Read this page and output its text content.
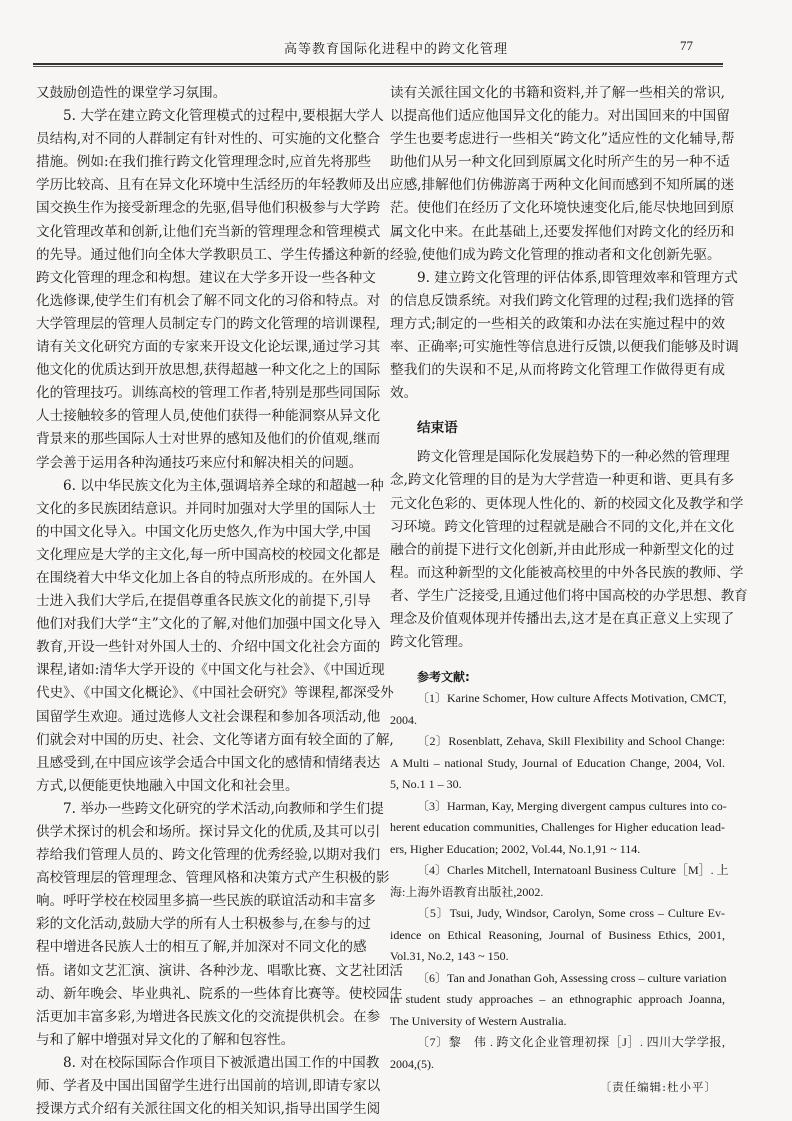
高等教育国际化进程中的跨文化管理	77
又鼓励创造性的课堂学习氛围。
5. 大学在建立跨文化管理模式的过程中,要根据大学人
员结构,对不同的人群制定有针对性的、可实施的文化整合
措施。例如:在我们推行跨文化管理理念时,应首先将那些
学历比较高、且有在异文化环境中生活经历的年轻教师及出
国交换生作为接受新理念的先驱,倡导他们积极参与大学跨
文化管理改革和创新,让他们充当新的管理理念和管理模式
的先导。通过他们向全体大学教职员工、学生传播这种新的
跨文化管理的理念和构想。建议在大学多开设一些各种文
化选修课,使学生们有机会了解不同文化的习俗和特点。对
大学管理层的管理人员制定专门的跨文化管理的培训课程,
请有关文化研究方面的专家来开设文化论坛课,通过学习其
他文化的优质达到开放思想,获得超越一种文化之上的国际
化的管理技巧。训练高校的管理工作者,特别是那些同国际
人士接触较多的管理人员,使他们获得一种能洞察从异文化
背景来的那些国际人士对世界的感知及他们的价值观,继而
学会善于运用各种沟通技巧来应付和解决相关的问题。
6. 以中华民族文化为主体,强调培养全球的和超越一种
文化的多民族团结意识。并同时加强对大学里的国际人士
的中国文化导入。中国文化历史悠久,作为中国大学,中国
文化理应是大学的主文化,每一所中国高校的校园文化都是
在围绕着大中华文化加上各自的特点所形成的。在外国人
士进入我们大学后,在提倡尊重各民族文化的前提下,引导
他们对我们大学“主”文化的了解,对他们加强中国文化导入
教育,开设一些针对外国人士的、介绍中国文化社会方面的
课程,诸如:清华大学开设的《中国文化与社会》、《中国近现
代史》、《中国文化概论》、《中国社会研究》等课程,都深受外
国留学生欢迎。通过选修人文社会课程和参加各项活动,他
们就会对中国的历史、社会、文化等诸方面有较全面的了解,
且感受到,在中国应该学会适合中国文化的感情和情绪表达
方式,以便能更快地融入中国文化和社会里。
7. 举办一些跨文化研究的学术活动,向教师和学生们提
供学术探讨的机会和场所。探讨异文化的优质,及其可以引
荐给我们管理人员的、跨文化管理的优秀经验,以期对我们
高校管理层的管理理念、管理风格和决策方式产生积极的影
响。呼吁学校在校园里多搞一些民族的联谊活动和丰富多
彩的文化活动,鼓励大学的所有人士积极参与,在参与的过
程中增进各民族人士的相互了解,并加深对不同文化的感
悟。诸如文艺汇演、演讲、各种沙龙、唱歌比赛、文艺社团活
动、新年晚会、毕业典礼、院系的一些体育比赛等。使校园生
活更加丰富多彩,为增进各民族文化的交流提供机会。在参
与和了解中增强对异文化的了解和包容性。
8. 对在校际国际合作项目下被派遣出国工作的中国教
师、学者及中国出国留学生进行出国前的培训,即请专家以
授课方式介绍有关派往国文化的相关知识,指导出国学生阅
读有关派往国文化的书籍和资料,并了解一些相关的常识,
以提高他们适应他国异文化的能力。对出国回来的中国留
学生也要考虑进行一些相关“跨文化”适应性的文化辅导,帮
助他们从另一种文化回到原属文化时所产生的另一种不适
应感,排解他们仿佛游离于两种文化间而感到不知所属的迷
茫。使他们在经历了文化环境快速变化后,能尽快地回到原
属文化中来。在此基础上,还要发挥他们对跨文化的经历和
经验,使他们成为跨文化管理的推动者和文化创新先驱。
9. 建立跨文化管理的评估体系,即管理效率和管理方式
的信息反馈系统。对我们跨文化管理的过程;我们选择的管
理方式;制定的一些相关的政策和办法在实施过程中的效
率、正确率;可实施性等信息进行反馈,以便我们能够及时调
整我们的失误和不足,从而将跨文化管理工作做得更有成
效。
结束语
跨文化管理是国际化发展趋势下的一种必然的管理理
念,跨文化管理的目的是为大学营造一种更和谐、更具有多
元文化色彩的、更体现人性化的、新的校园文化及教学和学
习环境。跨文化管理的过程就是融合不同的文化,并在文化
融合的前提下进行文化创新,并由此形成一种新型文化的过
程。而这种新型的文化能被高校里的中外各民族的教师、学
者、学生广泛接受,且通过他们将中国高校的办学思想、教育
理念及价值观体现并传播出去,这才是在真正意义上实现了
跨文化管理。
参考文献:
〔1〕Karine Schomer, How culture Affects Motivation, CMCT,
2004.
〔2〕Rosenblatt, Zehava, Skill Flexibility and School Change:
A Multi – national Study, Journal of Education Change, 2004, Vol.
5, No.1 1 – 30.
〔3〕Harman, Kay, Merging divergent campus cultures into co-
herent education communities, Challenges for Higher education lead-
ers, Higher Education; 2002, Vol.44, No.1,91 ~ 114.
〔4〕Charles Mitchell, Internatoanl Business Culture［M］. 上
海:上海外语教育出版社,2002.
〔5〕Tsui, Judy, Windsor, Carolyn, Some cross – Culture Ev-
idence on Ethical Reasoning, Journal of Business Ethics, 2001,
Vol.31, No.2, 143 ~ 150.
〔6〕Tan and Jonathan Goh, Assessing cross – culture variation
in student study approaches – an ethnographic approach Joanna,
The University of Western Australia.
〔7〕黎　伟 . 跨文化企业管理初探［J］. 四川大学学报,
2004,(5).
〔责任编辑:杜小平〕
